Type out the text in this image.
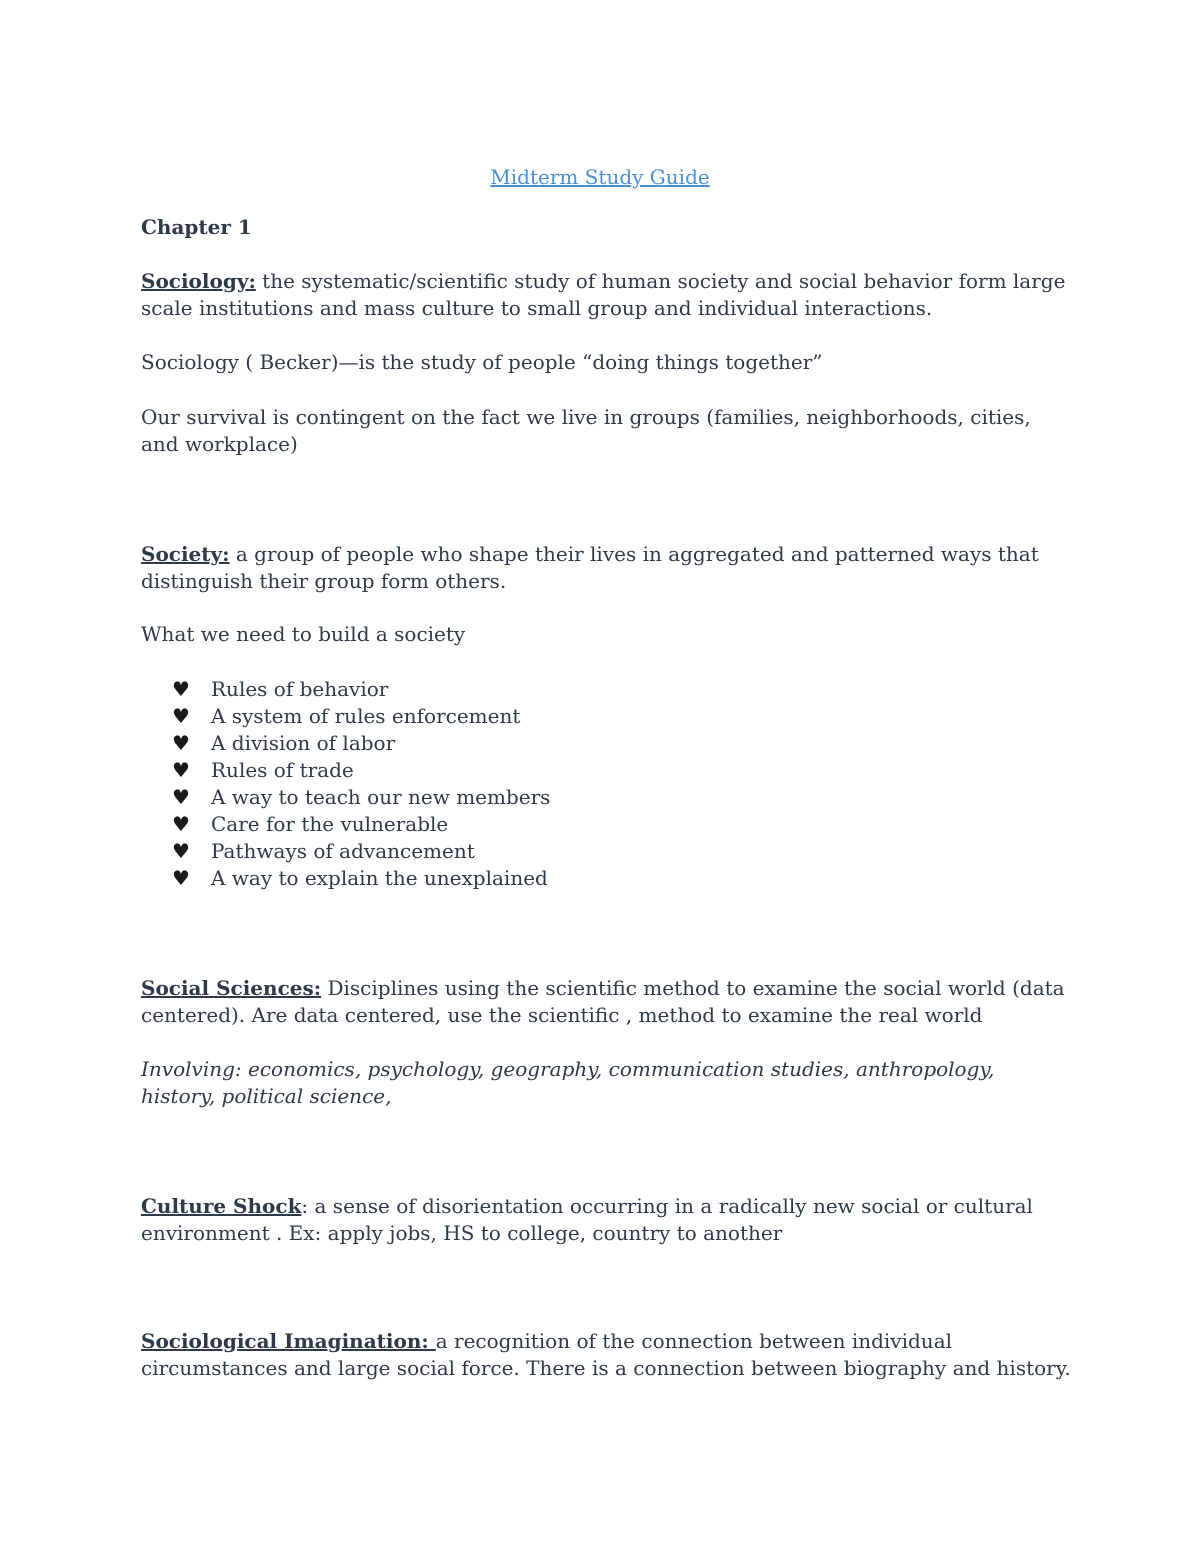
Midterm Study Guide
Chapter 1
Sociology: the systematic/scientific study of human society and social behavior form large scale institutions and mass culture to small group and individual interactions.
Sociology ( Becker)—is the study of people “doing things together”
Our survival is contingent on the fact we live in groups (families, neighborhoods, cities, and workplace)
Society: a group of people who shape their lives in aggregated and patterned ways that distinguish their group form others.
What we need to build a society
♥ Rules of behavior
♥ A system of rules enforcement
♥ A division of labor
♥ Rules of trade
♥ A way to teach our new members
♥ Care for the vulnerable
♥ Pathways of advancement
♥ A way to explain the unexplained
Social Sciences: Disciplines using the scientific method to examine the social world (data centered). Are data centered, use the scientific , method to examine the real world
Involving: economics, psychology, geography, communication studies, anthropology, history, political science,
Culture Shock: a sense of disorientation occurring in a radically new social or cultural environment . Ex: apply jobs, HS to college, country to another
Sociological Imagination: a recognition of the connection between individual circumstances and large social force. There is a connection between biography and history.
